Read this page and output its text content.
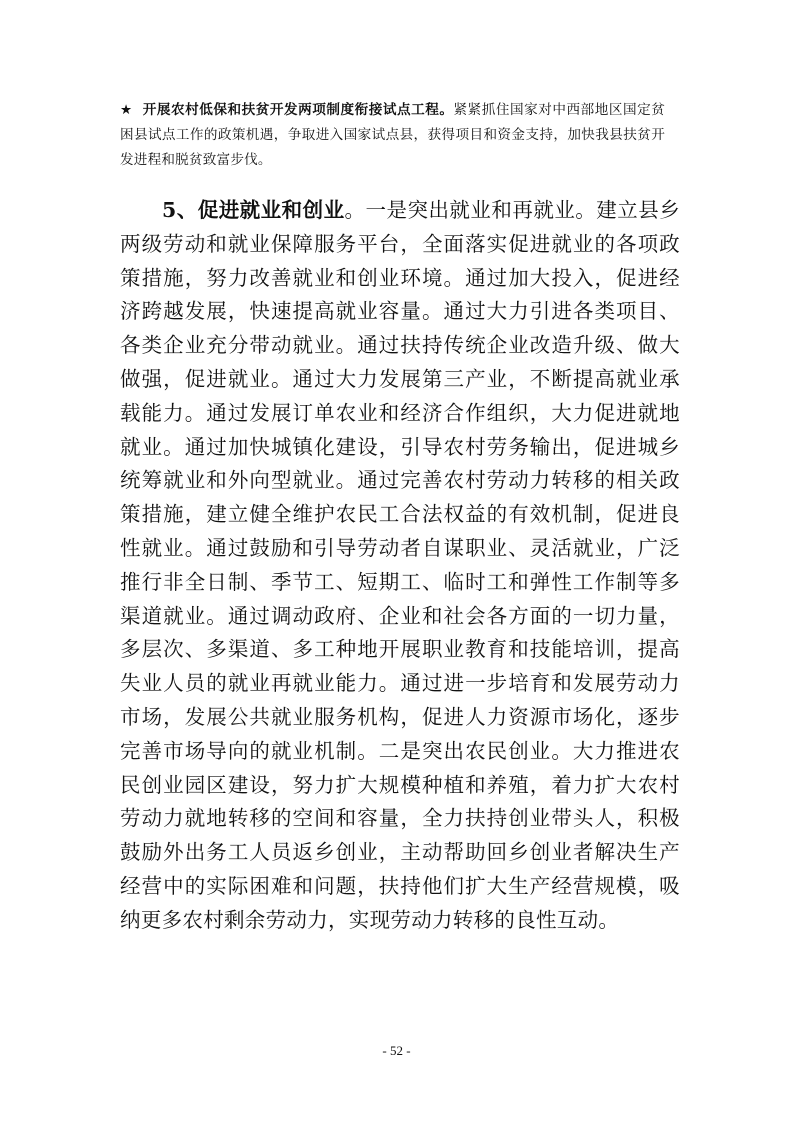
★ 开展农村低保和扶贫开发两项制度衔接试点工程。紧紧抓住国家对中西部地区国定贫困县试点工作的政策机遇，争取进入国家试点县，获得项目和资金支持，加快我县扶贫开发进程和脱贫致富步伐。
5、促进就业和创业。一是突出就业和再就业。建立县乡两级劳动和就业保障服务平台，全面落实促进就业的各项政策措施，努力改善就业和创业环境。通过加大投入，促进经济跨越发展，快速提高就业容量。通过大力引进各类项目、各类企业充分带动就业。通过扶持传统企业改造升级、做大做强，促进就业。通过大力发展第三产业，不断提高就业承载能力。通过发展订单农业和经济合作组织，大力促进就地就业。通过加快城镇化建设，引导农村劳务输出，促进城乡统筹就业和外向型就业。通过完善农村劳动力转移的相关政策措施，建立健全维护农民工合法权益的有效机制，促进良性就业。通过鼓励和引导劳动者自谋职业、灵活就业，广泛推行非全日制、季节工、短期工、临时工和弹性工作制等多渠道就业。通过调动政府、企业和社会各方面的一切力量，多层次、多渠道、多工种地开展职业教育和技能培训，提高失业人员的就业再就业能力。通过进一步培育和发展劳动力市场，发展公共就业服务机构，促进人力资源市场化，逐步完善市场导向的就业机制。二是突出农民创业。大力推进农民创业园区建设，努力扩大规模种植和养殖，着力扩大农村劳动力就地转移的空间和容量，全力扶持创业带头人，积极鼓励外出务工人员返乡创业，主动帮助回乡创业者解决生产经营中的实际困难和问题，扶持他们扩大生产经营规模，吸纳更多农村剩余劳动力，实现劳动力转移的良性互动。
- 52 -
